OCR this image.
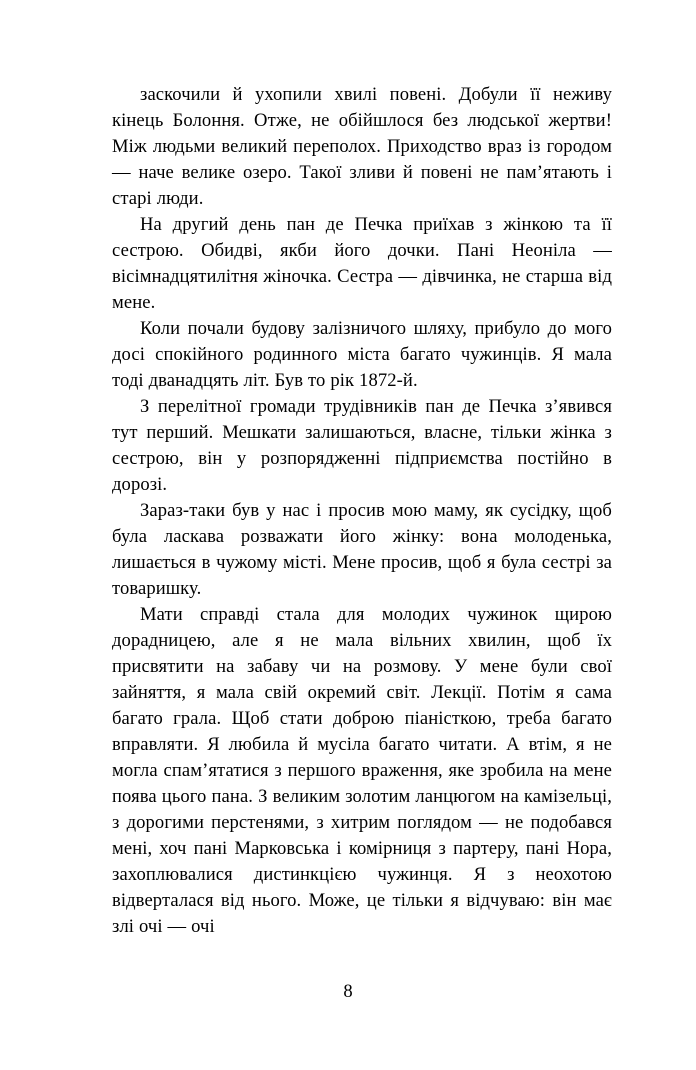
заскочили й ухопили хвилі повені. Добули її неживу кінець Болоння. Отже, не обійшлося без людської жертви! Між людьми великий переполох. Приходство враз із городом — наче велике озеро. Такої зливи й повені не пам’ятають і старі люди.

На другий день пан де Печка приїхав з жінкою та її сестрою. Обидві, якби його дочки. Пані Неоніла — вісімнадцятилітня жіночка. Сестра — дівчинка, не старша від мене.

Коли почали будову залізничого шляху, прибуло до мого досі спокійного родинного міста багато чужинців. Я мала тоді дванадцять літ. Був то рік 1872-й.

З перелітної громади трудівників пан де Печка з’явився тут перший. Мешкати залишаються, власне, тільки жінка з сестрою, він у розпорядженні підприємства постійно в дорозі.

Зараз-таки був у нас і просив мою маму, як сусідку, щоб була ласкава розважати його жінку: вона молоденька, лишається в чужому місті. Мене просив, щоб я була сестрі за товаришку.

Мати справді стала для молодих чужинок щирою дорадницею, але я не мала вільних хвилин, щоб їх присвятити на забаву чи на розмову. У мене були свої зайняття, я мала свій окремий світ. Лекції. Потім я сама багато грала. Щоб стати доброю піаністкою, треба багато вправляти. Я любила й мусіла багато читати. А втім, я не могла спам’ятатися з першого враження, яке зробила на мене поява цього пана. З великим золотим ланцюгом на камізельці, з дорогими перстенями, з хитрим поглядом — не подобався мені, хоч пані Марковська і комірниця з партеру, пані Нора, захоплювалися дистинкцією чужинця. Я з неохотою відверталася від нього. Може, це тільки я відчуваю: він має злі очі — очі

8
